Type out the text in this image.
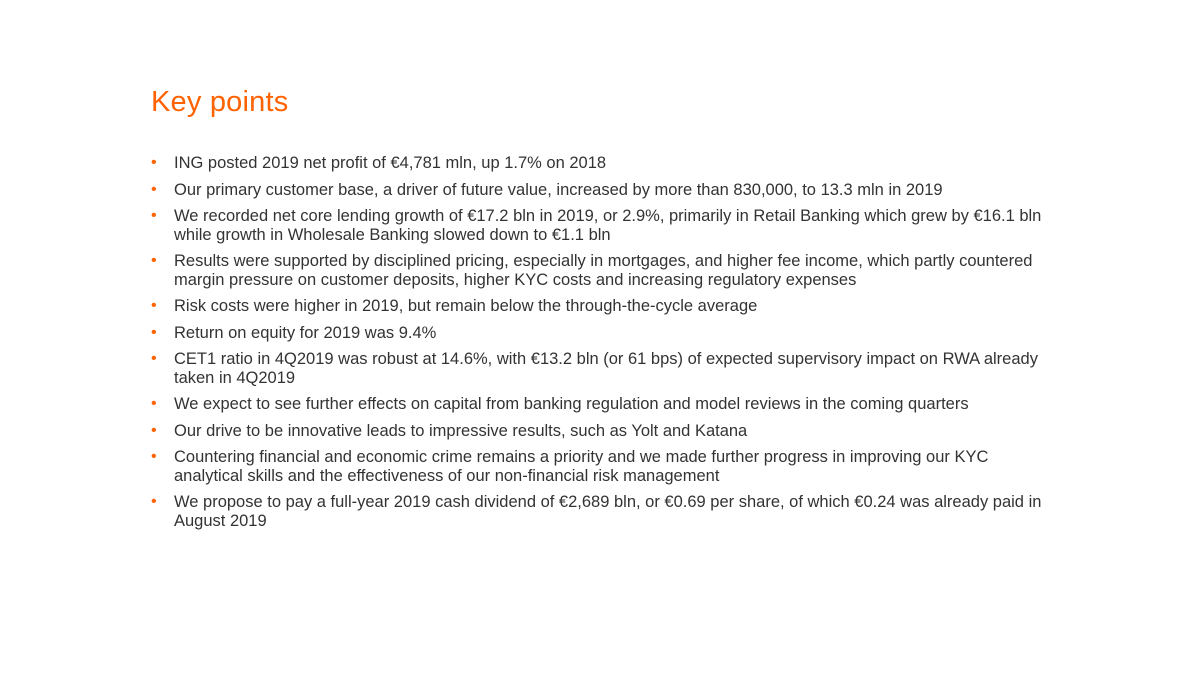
Key points
• ING posted 2019 net profit of €4,781 mln, up 1.7% on 2018
• Our primary customer base, a driver of future value, increased by more than 830,000, to 13.3 mln in 2019
• We recorded net core lending growth of €17.2 bln in 2019, or 2.9%, primarily in Retail Banking which grew by €16.1 bln while growth in Wholesale Banking slowed down to €1.1 bln
• Results were supported by disciplined pricing, especially in mortgages, and higher fee income, which partly countered margin pressure on customer deposits, higher KYC costs and increasing regulatory expenses
• Risk costs were higher in 2019, but remain below the through-the-cycle average
• Return on equity for 2019 was 9.4%
• CET1 ratio in 4Q2019 was robust at 14.6%, with €13.2 bln (or 61 bps) of expected supervisory impact on RWA already taken in 4Q2019
• We expect to see further effects on capital from banking regulation and model reviews in the coming quarters
• Our drive to be innovative leads to impressive results, such as Yolt and Katana
• Countering financial and economic crime remains a priority and we made further progress in improving our KYC analytical skills and the effectiveness of our non-financial risk management
• We propose to pay a full-year 2019 cash dividend of €2,689 bln, or €0.69 per share, of which €0.24 was already paid in August 2019
